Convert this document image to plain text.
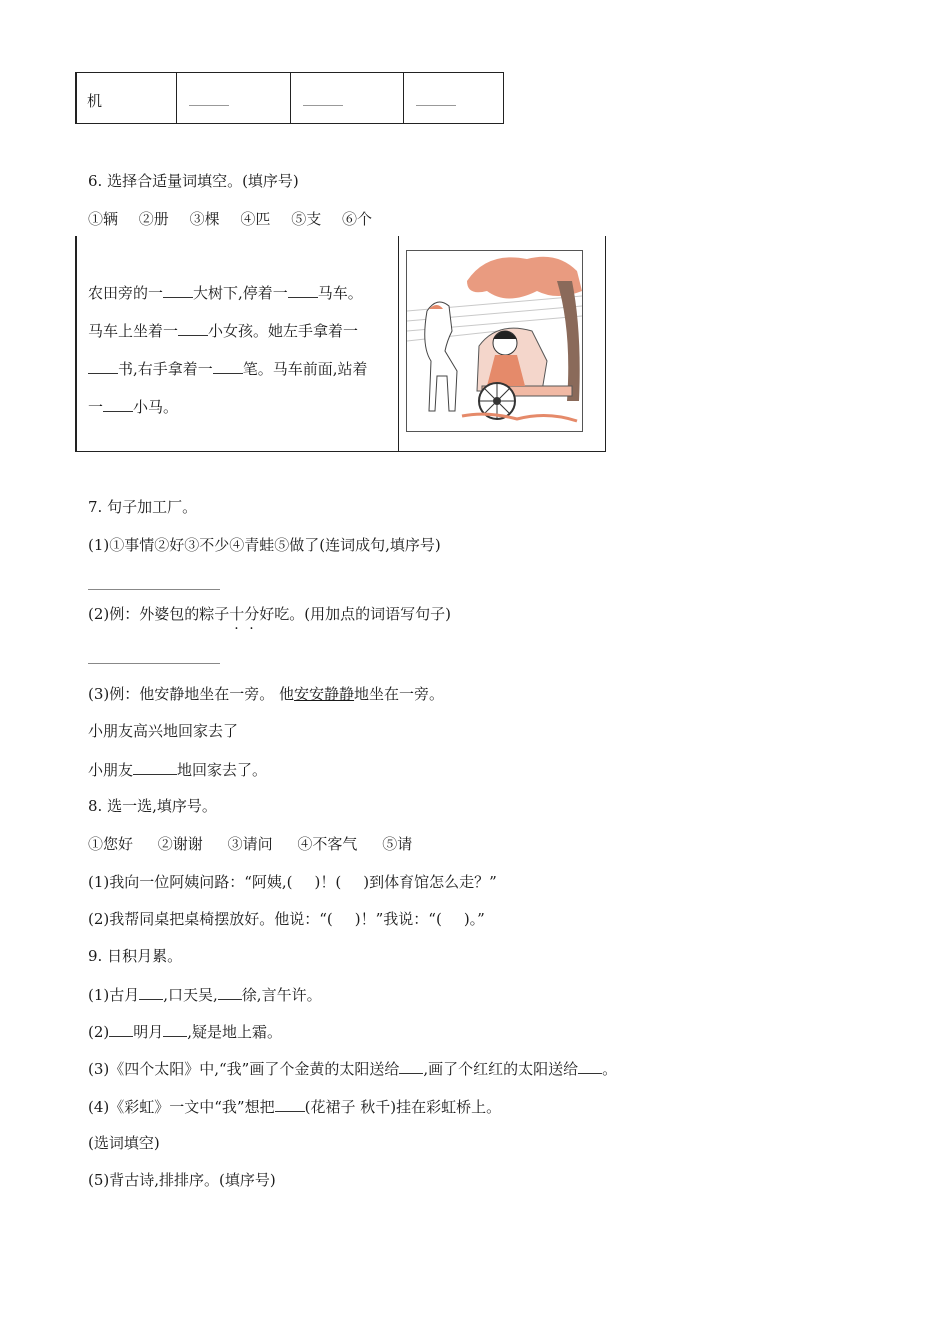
机
6. 选择合适量词填空。(填序号)
①辆 ②册 ③棵 ④匹 ⑤支 ⑥个
农田旁的一 大树下,停着一 马车。
马车上坐着一 小女孩。她左手拿着一
书,右手拿着一 笔。马车前面,站着
一 小马。
7. 句子加工厂。
(1)①事情②好③不少④青蛙⑤做了(连词成句,填序号)
(2)例：外婆包的粽子十分好吃。(用加点的词语写句子)
(3)例：他安静地坐在一旁。 他安安静静地坐在一旁。
小朋友高兴地回家去了
小朋友	地回家去了。
8. 选一选,填序号。
①您好 ②谢谢 ③请问 ④不客气 ⑤请
(1)我向一位阿姨问路：“阿姨,( )！( )到体育馆怎么走？”
(2)我帮同桌把桌椅摆放好。他说：“( )！”我说：“( )。”
9. 日积月累。
(1)古月 ,口天吴, 徐,言午许。
(2) 明月 ,疑是地上霜。
(3)《四个太阳》中,“我”画了个金黄的太阳送给 ,画了个红红的太阳送给 。
(4)《彩虹》一文中“我”想把 (花裙子 秋千)挂在彩虹桥上。
(选词填空)
(5)背古诗,排排序。(填序号)
